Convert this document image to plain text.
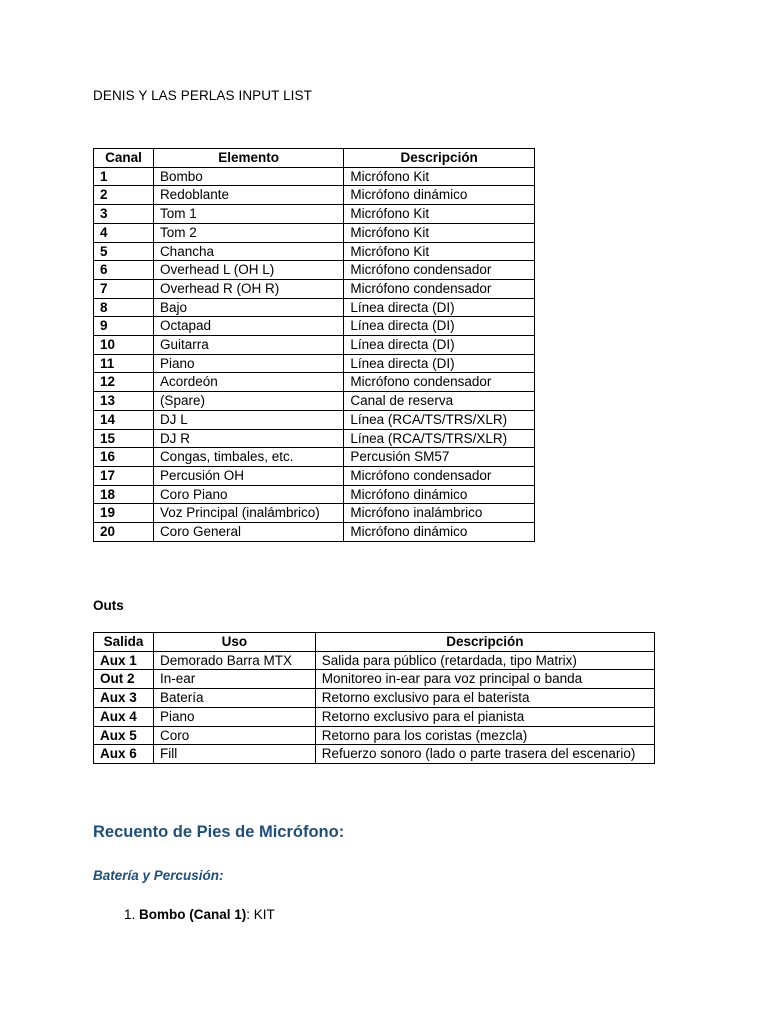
DENIS Y LAS PERLAS INPUT LIST
Canal	Elemento	Descripción
1	Bombo	Micrófono Kit
2	Redoblante	Micrófono dinámico
3	Tom 1	Micrófono Kit
4	Tom 2	Micrófono Kit
5	Chancha	Micrófono Kit
6	Overhead L (OH L)	Micrófono condensador
7	Overhead R (OH R)	Micrófono condensador
8	Bajo	Línea directa (DI)
9	Octapad	Línea directa (DI)
10	Guitarra	Línea directa (DI)
11	Piano	Línea directa (DI)
12	Acordeón	Micrófono condensador
13	(Spare)	Canal de reserva
14	DJ L	Línea (RCA/TS/TRS/XLR)
15	DJ R	Línea (RCA/TS/TRS/XLR)
16	Congas, timbales, etc.	Percusión SM57
17	Percusión OH	Micrófono condensador
18	Coro Piano	Micrófono dinámico
19	Voz Principal (inalámbrico)	Micrófono inalámbrico
20	Coro General	Micrófono dinámico
Outs
Salida	Uso	Descripción
Aux 1	Demorado Barra MTX	Salida para público (retardada, tipo Matrix)
Out 2	In-ear	Monitoreo in-ear para voz principal o banda
Aux 3	Batería	Retorno exclusivo para el baterista
Aux 4	Piano	Retorno exclusivo para el pianista
Aux 5	Coro	Retorno para los coristas (mezcla)
Aux 6	Fill	Refuerzo sonoro (lado o parte trasera del escenario)
Recuento de Pies de Micrófono:
Batería y Percusión:
1. Bombo (Canal 1): KIT
